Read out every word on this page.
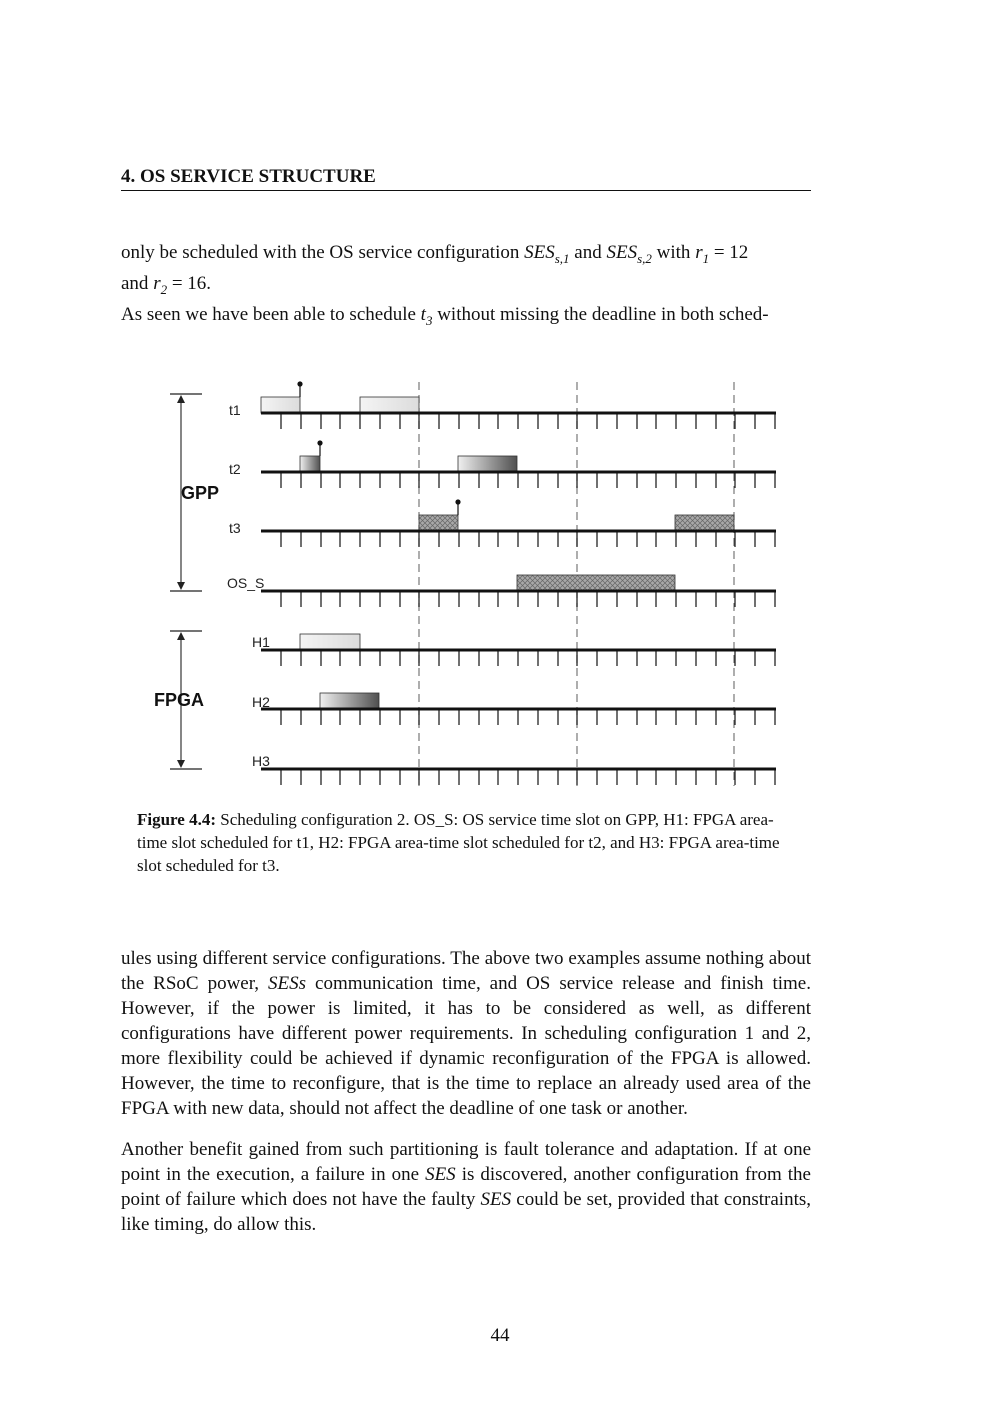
4. OS SERVICE STRUCTURE

only be scheduled with the OS service configuration $SES_{s,1}$ and $SES_{s,2}$ with $r_1 = 12$
and $r_2 = 16$.
As seen we have been able to schedule $t_3$ without missing the deadline in both sched-

GPP
FPGA
t1
t2
t3
OS_S
H1
H2
H3

Figure 4.4: Scheduling configuration 2. OS_S: OS service time slot on GPP, H1: FPGA area-time slot scheduled for t1, H2: FPGA area-time slot scheduled for t2, and H3: FPGA area-time slot scheduled for t3.

ules using different service configurations. The above two examples assume nothing about the RSoC power, SESs communication time, and OS service release and finish time. However, if the power is limited, it has to be considered as well, as different configurations have different power requirements. In scheduling configuration 1 and 2, more flexibility could be achieved if dynamic reconfiguration of the FPGA is allowed. However, the time to reconfigure, that is the time to replace an already used area of the FPGA with new data, should not affect the deadline of one task or another.

Another benefit gained from such partitioning is fault tolerance and adaptation. If at one point in the execution, a failure in one SES is discovered, another configuration from the point of failure which does not have the faulty SES could be set, provided that constraints, like timing, do allow this.

44
